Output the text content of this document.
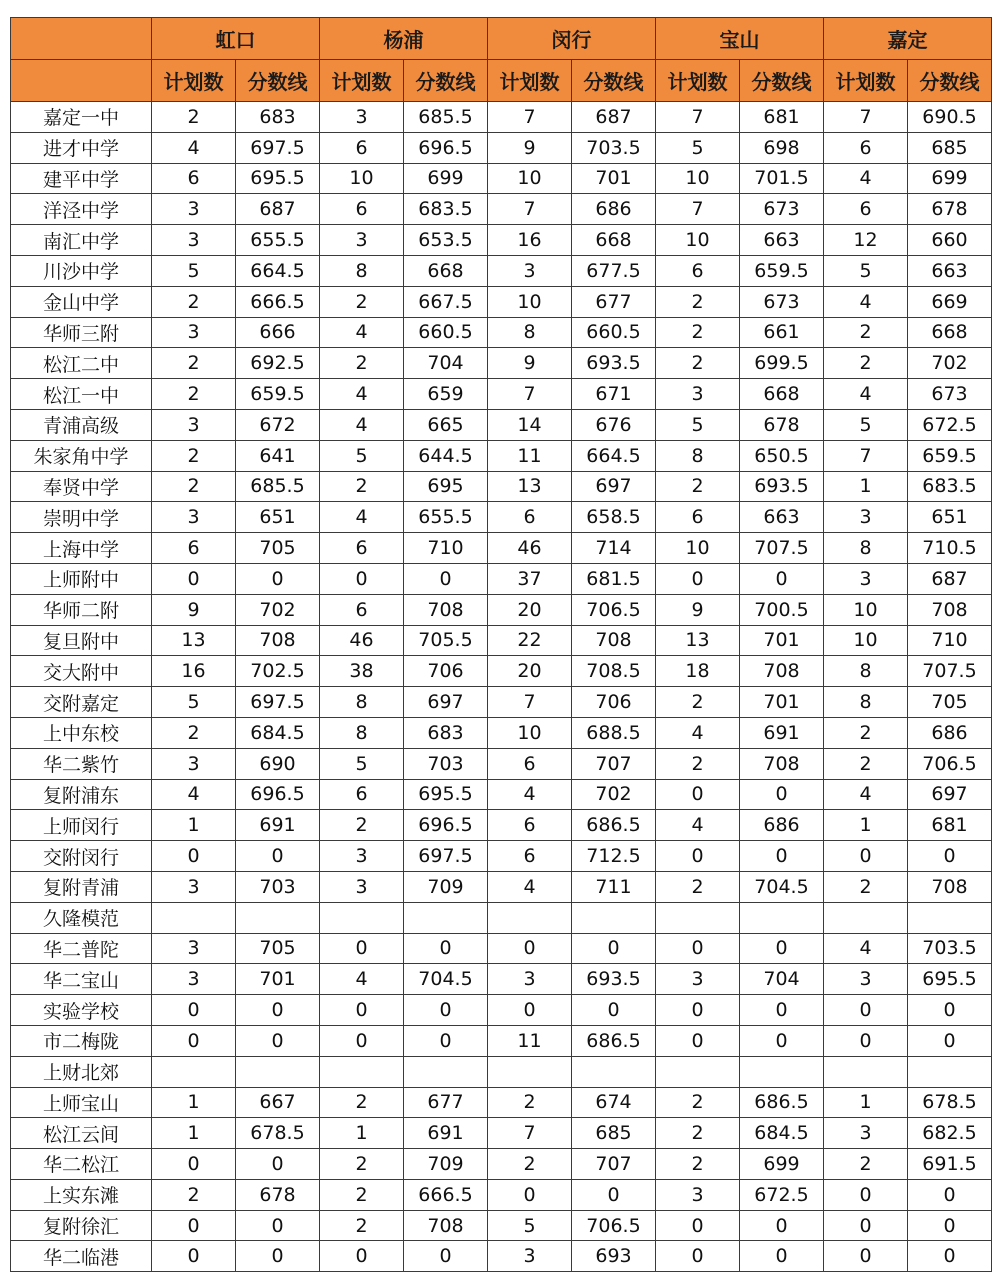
	虹口		杨浦		闵行		宝山		嘉定	
	计划数	分数线	计划数	分数线	计划数	分数线	计划数	分数线	计划数	分数线
嘉定一中	2	683	3	685.5	7	687	7	681	7	690.5
进才中学	4	697.5	6	696.5	9	703.5	5	698	6	685
建平中学	6	695.5	10	699	10	701	10	701.5	4	699
洋泾中学	3	687	6	683.5	7	686	7	673	6	678
南汇中学	3	655.5	3	653.5	16	668	10	663	12	660
川沙中学	5	664.5	8	668	3	677.5	6	659.5	5	663
金山中学	2	666.5	2	667.5	10	677	2	673	4	669
华师三附	3	666	4	660.5	8	660.5	2	661	2	668
松江二中	2	692.5	2	704	9	693.5	2	699.5	2	702
松江一中	2	659.5	4	659	7	671	3	668	4	673
青浦高级	3	672	4	665	14	676	5	678	5	672.5
朱家角中学	2	641	5	644.5	11	664.5	8	650.5	7	659.5
奉贤中学	2	685.5	2	695	13	697	2	693.5	1	683.5
崇明中学	3	651	4	655.5	6	658.5	6	663	3	651
上海中学	6	705	6	710	46	714	10	707.5	8	710.5
上师附中	0	0	0	0	37	681.5	0	0	3	687
华师二附	9	702	6	708	20	706.5	9	700.5	10	708
复旦附中	13	708	46	705.5	22	708	13	701	10	710
交大附中	16	702.5	38	706	20	708.5	18	708	8	707.5
交附嘉定	5	697.5	8	697	7	706	2	701	8	705
上中东校	2	684.5	8	683	10	688.5	4	691	2	686
华二紫竹	3	690	5	703	6	707	2	708	2	706.5
复附浦东	4	696.5	6	695.5	4	702	0	0	4	697
上师闵行	1	691	2	696.5	6	686.5	4	686	1	681
交附闵行	0	0	3	697.5	6	712.5	0	0	0	0
复附青浦	3	703	3	709	4	711	2	704.5	2	708
久隆模范										
华二普陀	3	705	0	0	0	0	0	0	4	703.5
华二宝山	3	701	4	704.5	3	693.5	3	704	3	695.5
实验学校	0	0	0	0	0	0	0	0	0	0
市二梅陇	0	0	0	0	11	686.5	0	0	0	0
上财北郊										
上师宝山	1	667	2	677	2	674	2	686.5	1	678.5
松江云间	1	678.5	1	691	7	685	2	684.5	3	682.5
华二松江	0	0	2	709	2	707	2	699	2	691.5
上实东滩	2	678	2	666.5	0	0	3	672.5	0	0
复附徐汇	0	0	2	708	5	706.5	0	0	0	0
华二临港	0	0	0	0	3	693	0	0	0	0
